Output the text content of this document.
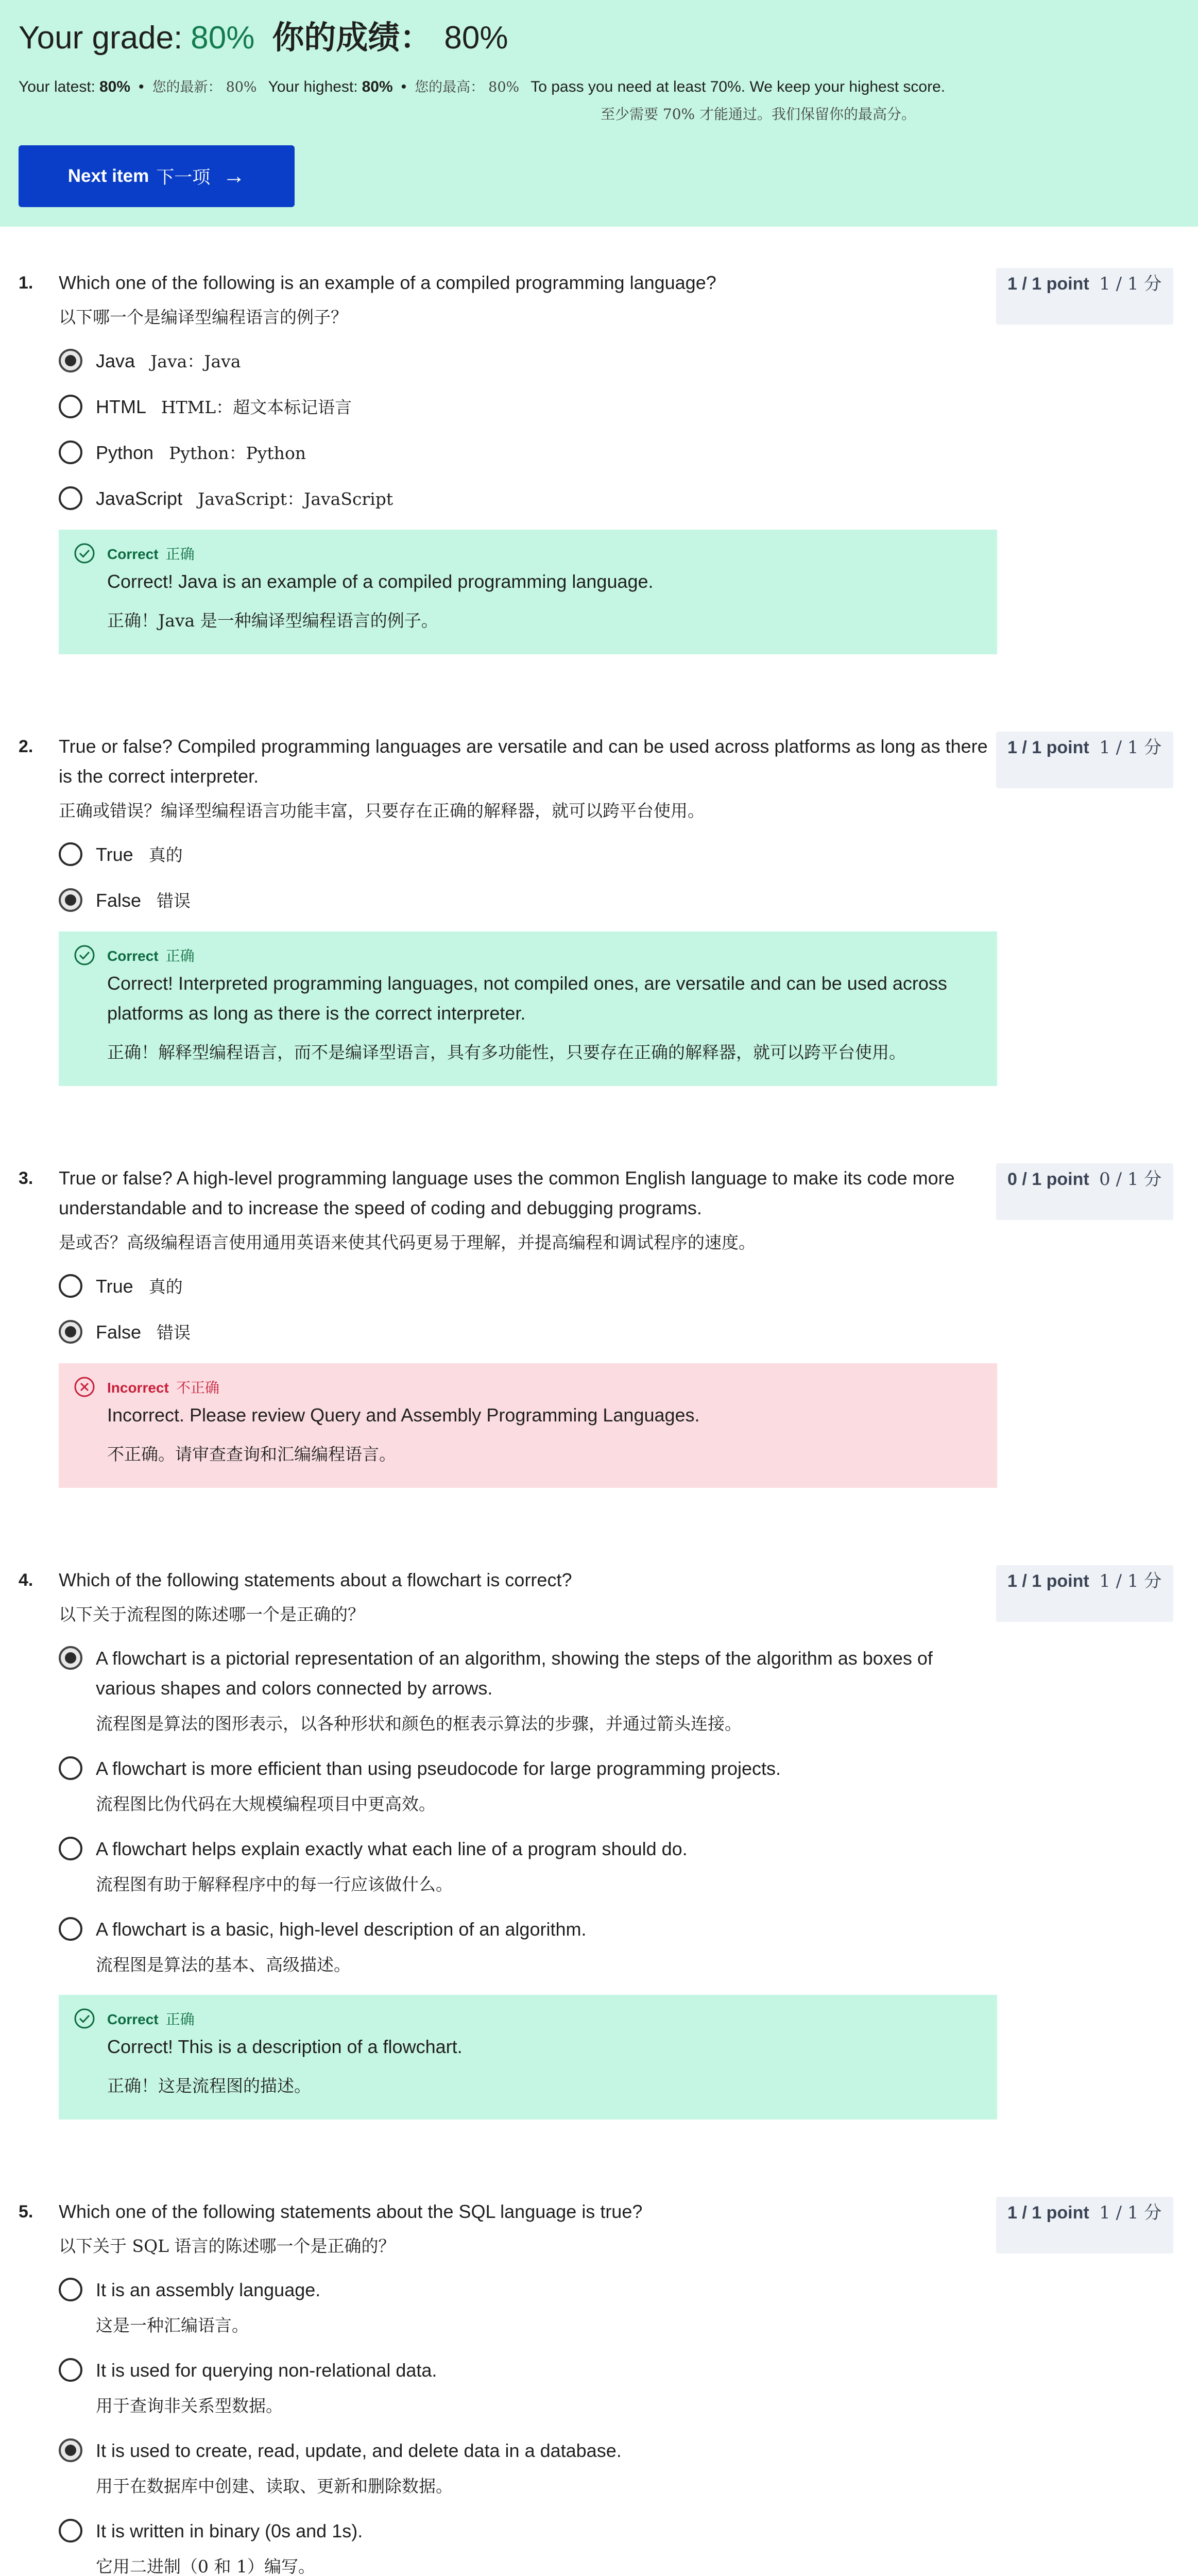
Your grade: 80% 你的成绩： 80%
Your latest: 80% • 您的最新： 80% Your highest: 80% • 您的最高： 80% To pass you need at least 70%. We keep your highest score.
至少需要 70% 才能通过。我们保留你的最高分。
Next item 下一项 →
1.	1 / 1 point 1 / 1 分
Which one of the following is an example of a compiled programming language?
以下哪一个是编译型编程语言的例子？
Java Java：Java
HTML HTML：超文本标记语言
Python Python：Python
JavaScript JavaScript：JavaScript
Correct 正确
Correct! Java is an example of a compiled programming language.
正确！Java 是一种编译型编程语言的例子。
2.	1 / 1 point 1 / 1 分
True or false? Compiled programming languages are versatile and can be used across platforms as long as there is the correct interpreter.
正确或错误？编译型编程语言功能丰富，只要存在正确的解释器，就可以跨平台使用。
True 真的
False 错误
Correct 正确
Correct! Interpreted programming languages, not compiled ones, are versatile and can be used across platforms as long as there is the correct interpreter.
正确！解释型编程语言，而不是编译型语言，具有多功能性，只要存在正确的解释器，就可以跨平台使用。
3.	0 / 1 point 0 / 1 分
True or false? A high-level programming language uses the common English language to make its code more understandable and to increase the speed of coding and debugging programs.
是或否？高级编程语言使用通用英语来使其代码更易于理解，并提高编程和调试程序的速度。
True 真的
False 错误
Incorrect 不正确
Incorrect. Please review Query and Assembly Programming Languages.
不正确。请审查查询和汇编编程语言。
4.	1 / 1 point 1 / 1 分
Which of the following statements about a flowchart is correct?
以下关于流程图的陈述哪一个是正确的？
A flowchart is a pictorial representation of an algorithm, showing the steps of the algorithm as boxes of various shapes and colors connected by arrows.
流程图是算法的图形表示，以各种形状和颜色的框表示算法的步骤，并通过箭头连接。
A flowchart is more efficient than using pseudocode for large programming projects.
流程图比伪代码在大规模编程项目中更高效。
A flowchart helps explain exactly what each line of a program should do.
流程图有助于解释程序中的每一行应该做什么。
A flowchart is a basic, high-level description of an algorithm.
流程图是算法的基本、高级描述。
Correct 正确
Correct! This is a description of a flowchart.
正确！这是流程图的描述。
5.	1 / 1 point 1 / 1 分
Which one of the following statements about the SQL language is true?
以下关于 SQL 语言的陈述哪一个是正确的？
It is an assembly language.
这是一种汇编语言。
It is used for querying non-relational data.
用于查询非关系型数据。
It is used to create, read, update, and delete data in a database.
用于在数据库中创建、读取、更新和删除数据。
It is written in binary (0s and 1s).
它用二进制（0 和 1）编写。
